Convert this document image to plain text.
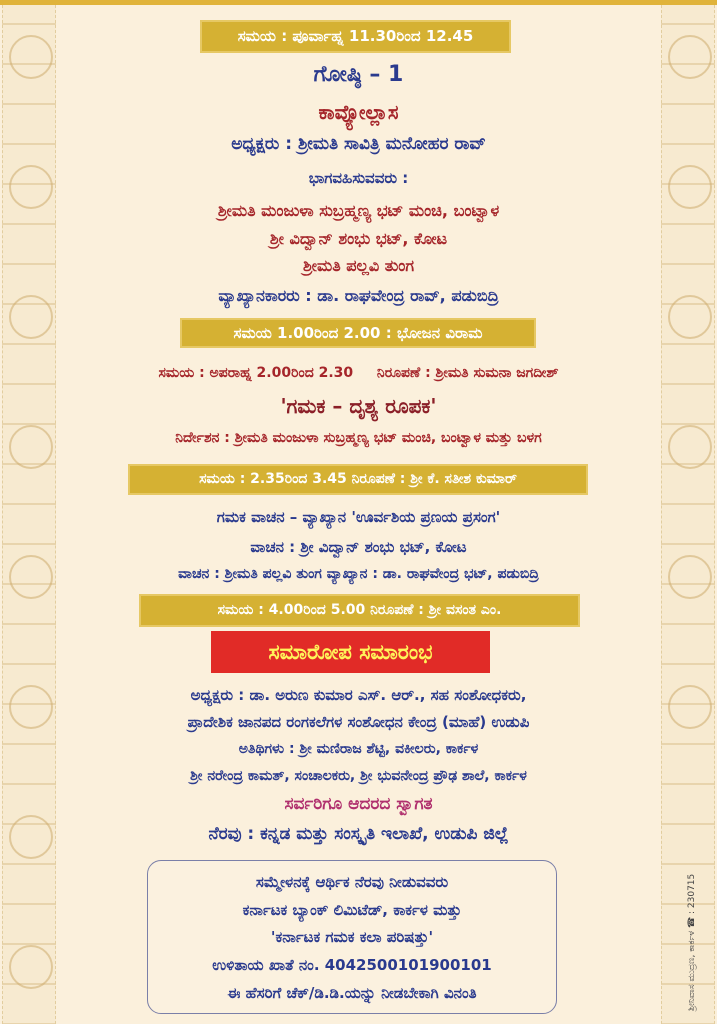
ಸಮಯ : ಪೂರ್ವಾಹ್ನ 11.30ರಿಂದ 12.45
ಗೋಷ್ಠಿ – 1
ಕಾವ್ಯೋಲ್ಲಾಸ
ಅಧ್ಯಕ್ಷರು : ಶ್ರೀಮತಿ ಸಾವಿತ್ರಿ ಮನೋಹರ ರಾವ್
ಭಾಗವಹಿಸುವವರು :
ಶ್ರೀಮತಿ ಮಂಜುಳಾ ಸುಬ್ರಹ್ಮಣ್ಯ ಭಟ್ ಮಂಚಿ, ಬಂಟ್ವಾಳ
ಶ್ರೀ ವಿದ್ವಾನ್ ಶಂಭು ಭಟ್, ಕೋಟ
ಶ್ರೀಮತಿ ಪಲ್ಲವಿ ತುಂಗ
ವ್ಯಾಖ್ಯಾನಕಾರರು : ಡಾ. ರಾಘವೇಂದ್ರ ರಾವ್, ಪಡುಬಿದ್ರಿ
ಸಮಯ 1.00ರಿಂದ 2.00 : ಭೋಜನ ವಿರಾಮ
ಸಮಯ : ಅಪರಾಹ್ನ 2.00ರಿಂದ 2.30 ನಿರೂಪಣೆ : ಶ್ರೀಮತಿ ಸುಮನಾ ಜಗದೀಶ್
'ಗಮಕ – ದೃಶ್ಯ ರೂಪಕ'
ನಿರ್ದೇಶನ : ಶ್ರೀಮತಿ ಮಂಜುಳಾ ಸುಬ್ರಹ್ಮಣ್ಯ ಭಟ್ ಮಂಚಿ, ಬಂಟ್ವಾಳ ಮತ್ತು ಬಳಗ
ಸಮಯ : 2.35ರಿಂದ 3.45 ನಿರೂಪಣೆ : ಶ್ರೀ ಕೆ. ಸತೀಶ ಕುಮಾರ್
ಗಮಕ ವಾಚನ – ವ್ಯಾಖ್ಯಾನ 'ಊರ್ವಶಿಯ ಪ್ರಣಯ ಪ್ರಸಂಗ'
ವಾಚನ : ಶ್ರೀ ವಿದ್ವಾನ್ ಶಂಭು ಭಟ್, ಕೋಟ
ವಾಚನ : ಶ್ರೀಮತಿ ಪಲ್ಲವಿ ತುಂಗ ವ್ಯಾಖ್ಯಾನ : ಡಾ. ರಾಘವೇಂದ್ರ ಭಟ್, ಪಡುಬಿದ್ರಿ
ಸಮಯ : 4.00ರಿಂದ 5.00 ನಿರೂಪಣೆ : ಶ್ರೀ ವಸಂತ ಎಂ.
ಸಮಾರೋಪ ಸಮಾರಂಭ
ಅಧ್ಯಕ್ಷರು : ಡಾ. ಅರುಣ ಕುಮಾರ ಎಸ್. ಆರ್., ಸಹ ಸಂಶೋಧಕರು,
ಪ್ರಾದೇಶಿಕ ಜಾನಪದ ರಂಗಕಲೆಗಳ ಸಂಶೋಧನ ಕೇಂದ್ರ (ಮಾಹೆ) ಉಡುಪಿ
ಅತಿಥಿಗಳು : ಶ್ರೀ ಮಣಿರಾಜ ಶೆಟ್ಟಿ, ವಕೀಲರು, ಕಾರ್ಕಳ
ಶ್ರೀ ನರೇಂದ್ರ ಕಾಮತ್, ಸಂಚಾಲಕರು, ಶ್ರೀ ಭುವನೇಂದ್ರ ಪ್ರೌಢ ಶಾಲೆ, ಕಾರ್ಕಳ
ಸರ್ವರಿಗೂ ಆದರದ ಸ್ವಾಗತ
ನೆರವು : ಕನ್ನಡ ಮತ್ತು ಸಂಸ್ಕೃತಿ ಇಲಾಖೆ, ಉಡುಪಿ ಜಿಲ್ಲೆ
ಸಮ್ಮೇಳನಕ್ಕೆ ಆರ್ಥಿಕ ನೆರವು ನೀಡುವವರು
ಕರ್ನಾಟಕ ಬ್ಯಾಂಕ್ ಲಿಮಿಟೆಡ್, ಕಾರ್ಕಳ ಮತ್ತು
'ಕರ್ನಾಟಕ ಗಮಕ ಕಲಾ ಪರಿಷತ್ತು'
ಉಳಿತಾಯ ಖಾತೆ ನಂ. 4042500101900101
ಈ ಹೆಸರಿಗೆ ಚೆಕ್/ಡಿ.ಡಿ.ಯನ್ನು ನೀಡಬೇಕಾಗಿ ವಿನಂತಿ	ಶ್ರೀನಿವಾಸ ಮುದ್ರಣ, ಕಾರ್ಕಳ ☎ : 230715
